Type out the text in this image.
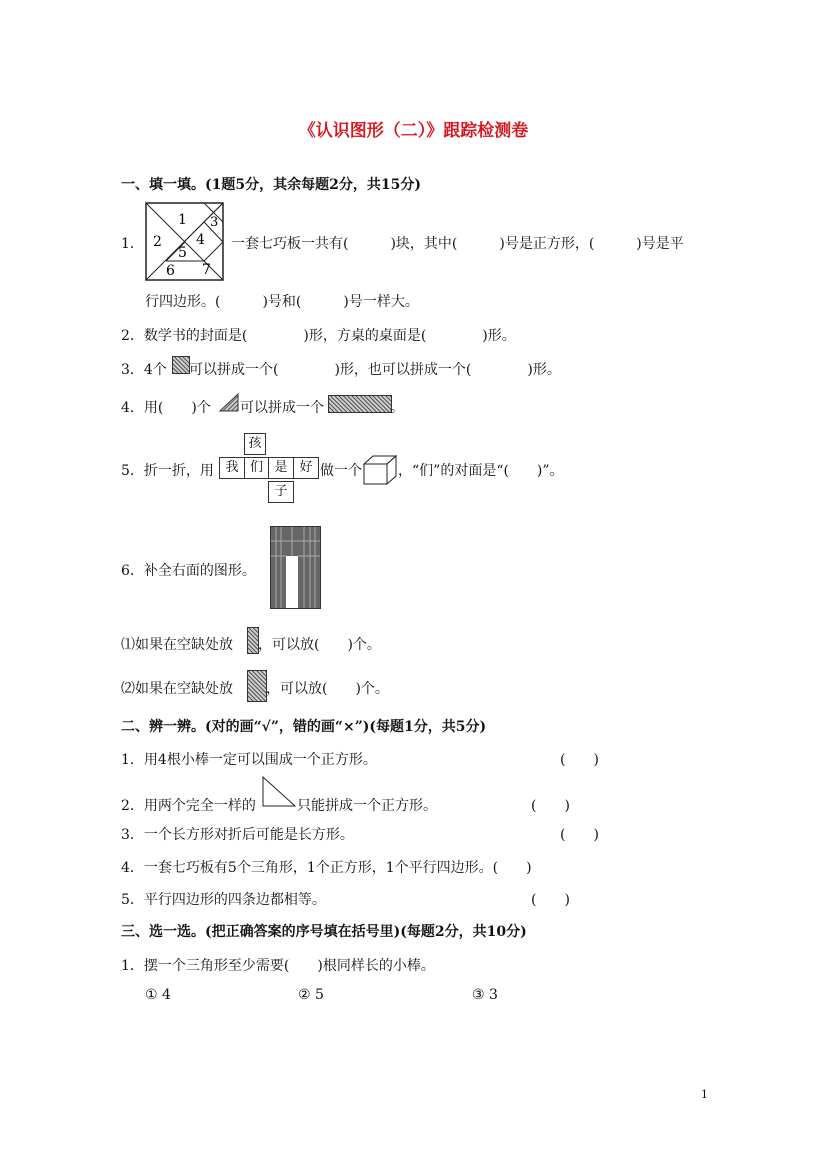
《认识图形（二）》跟踪检测卷
一、填一填。(1题5分，其余每题2分，共15分)
1．
1
2
3
4
5
6 7
一套七巧板一共有(　　　)块，其中(　　　)号是正方形，(　　　)号是平
行四边形。(　　　)号和(　　　)号一样大。
2．数学书的封面是(　　　　)形，方桌的桌面是(　　　　)形。
3．4个 可以拼成一个(　　　　)形，也可以拼成一个(　　　　)形。
4．用(　　)个 可以拼成一个	。
5．折一折，用
孩
我 们 是 好
子
做一个	，“们”的对面是“(　　)”。
6．补全右面的图形。
⑴如果在空缺处放 ，可以放(　　)个。
⑵如果在空缺处放 ，可以放(　　)个。
二、辨一辨。(对的画“√”，错的画“×”)(每题1分，共5分)
1．用4根小棒一定可以围成一个正方形。	(　　)
2．用两个完全一样的	只能拼成一个正方形。	(　　)
3．一个长方形对折后可能是长方形。	(　　)
4．一套七巧板有5个三角形，1个正方形，1个平行四边形。(　　)
5．平行四边形的四条边都相等。	(　　)
三、选一选。(把正确答案的序号填在括号里)(每题2分，共10分)
1．摆一个三角形至少需要(　　)根同样长的小棒。
① 4	② 5	③ 3
1
